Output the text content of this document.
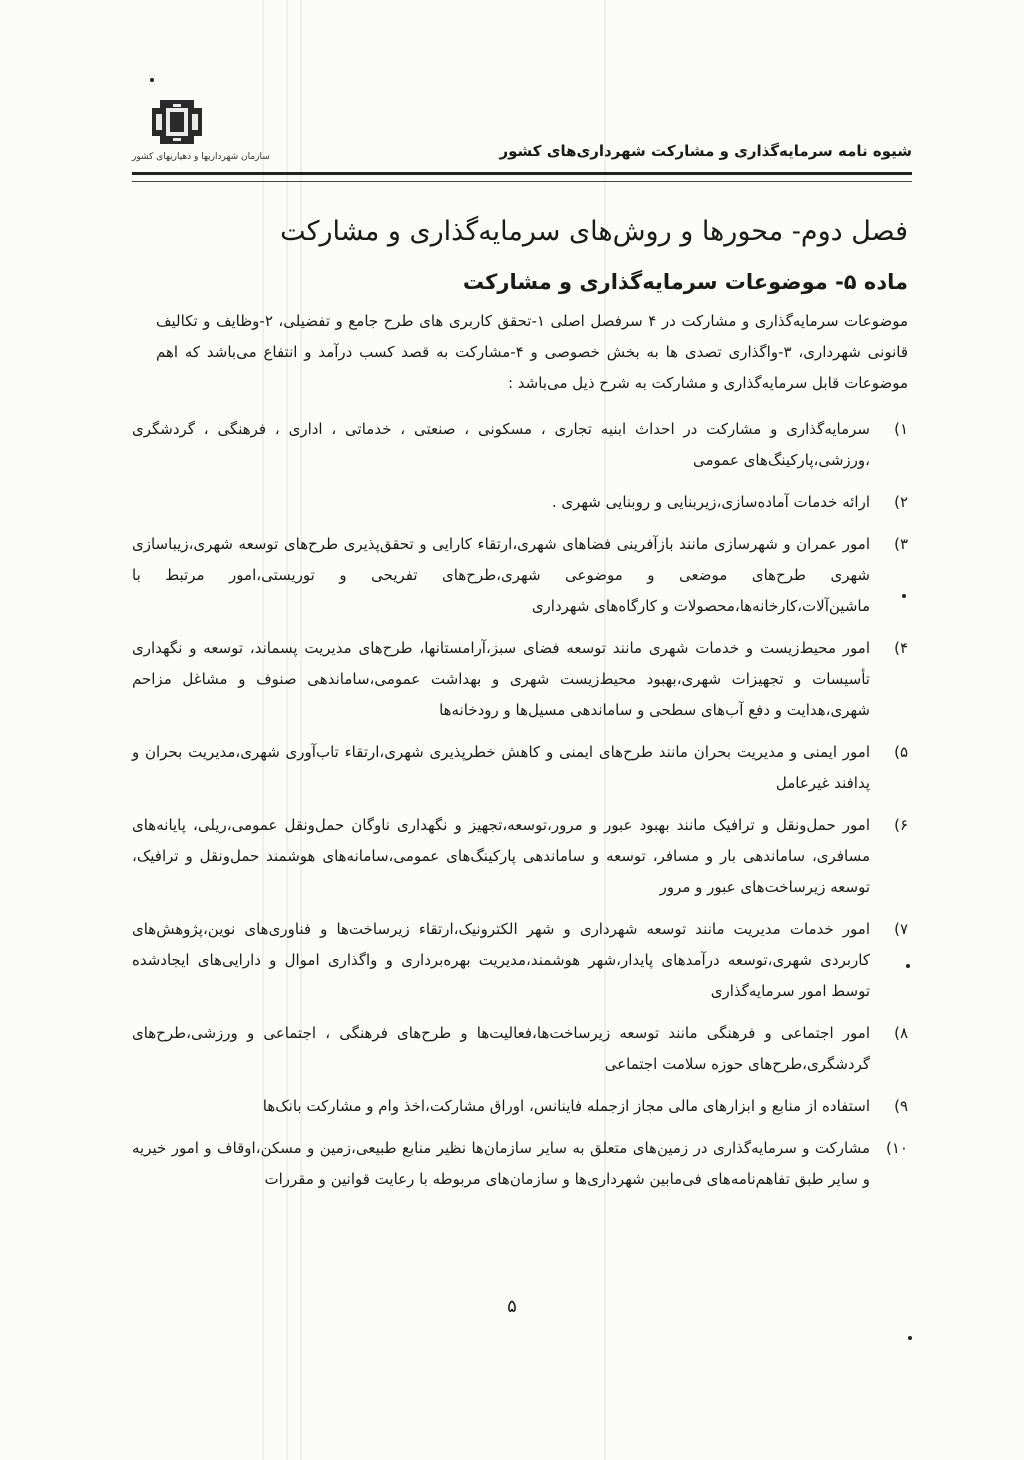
سازمان شهرداریها و دهیاریهای کشور	شیوه نامه سرمایه‌گذاری و مشارکت شهرداری‌های کشور
فصل دوم- محورها و روش‌های سرمایه‌گذاری و مشارکت
ماده ۵- موضوعات سرمایه‌گذاری و مشارکت

موضوعات سرمایه‌گذاری و مشارکت در ۴ سرفصل اصلی ۱-تحقق کاربری های طرح جامع و تفضیلی، ۲-وظایف و تکالیف قانونی شهرداری، ۳-واگذاری تصدی ها به بخش خصوصی و ۴-مشارکت به قصد کسب درآمد و انتفاع می‌باشد که اهم موضوعات قابل سرمایه‌گذاری و مشارکت به شرح ذیل می‌باشد :

۱)
سرمایه‌گذاری و مشارکت در احداث ابنیه تجاری ، مسکونی ، صنعتی ، خدماتی ، اداری ، فرهنگی ، گردشگری ،ورزشی،پارکینگ‌های عمومی
۲)
ارائه خدمات آماده‌سازی،زیربنایی و روبنایی شهری .
۳)
امور عمران و شهرسازی مانند بازآفرینی فضاهای شهری،ارتقاء کارایی و تحقق‌پذیری طرح‌های توسعه شهری،زیباسازی شهری طرح‌های موضعی و موضوعی شهری،طرح‌های تفریحی و توریستی،امور مرتبط با ماشین‌آلات،کارخانه‌ها،محصولات و کارگاه‌های شهرداری
۴)
امور محیط‌زیست و خدمات شهری مانند توسعه فضای سبز،آرامستانها، طرح‌های مدیریت پسماند، توسعه و نگهداری تأسیسات و تجهیزات شهری،بهبود محیط‌زیست شهری و بهداشت عمومی،ساماندهی صنوف و مشاغل مزاحم شهری،هدایت و دفع آب‌های سطحی و ساماندهی مسیل‌ها و رودخانه‌ها
۵)
امور ایمنی و مدیریت بحران مانند طرح‌های ایمنی و کاهش خطرپذیری شهری،ارتقاء تاب‌آوری شهری،مدیریت بحران و پدافند غیرعامل
۶)
امور حمل‌ونقل و ترافیک مانند بهبود عبور و مرور،توسعه،تجهیز و نگهداری ناوگان حمل‌ونقل عمومی،ریلی، پایانه‌های مسافری، ساماندهی بار و مسافر، توسعه و ساماندهی پارکینگ‌های عمومی،سامانه‌های هوشمند حمل‌ونقل و ترافیک، توسعه زیرساخت‌های عبور و مرور
۷)
امور خدمات مدیریت مانند توسعه شهرداری و شهر الکترونیک،ارتقاء زیرساخت‌ها و فناوری‌های نوین،پژوهش‌های کاربردی شهری،توسعه درآمدهای پایدار،شهر هوشمند،مدیریت بهره‌برداری و واگذاری اموال و دارایی‌های ایجادشده توسط امور سرمایه‌گذاری
۸)
امور اجتماعی و فرهنگی مانند توسعه زیرساخت‌ها،فعالیت‌ها و طرح‌های فرهنگی ، اجتماعی و ورزشی،طرح‌های گردشگری،طرح‌های حوزه سلامت اجتماعی
۹)
استفاده از منابع و ابزارهای مالی مجاز ازجمله فاینانس، اوراق مشارکت،اخذ وام و مشارکت بانک‌ها
۱۰)
مشارکت و سرمایه‌گذاری در زمین‌های متعلق به سایر سازمان‌ها نظیر منابع طبیعی،زمین و مسکن،اوقاف و امور خیریه و سایر طبق تفاهم‌نامه‌های فی‌مابین شهرداری‌ها و سازمان‌های مربوطه با رعایت قوانین و مقررات
۵
